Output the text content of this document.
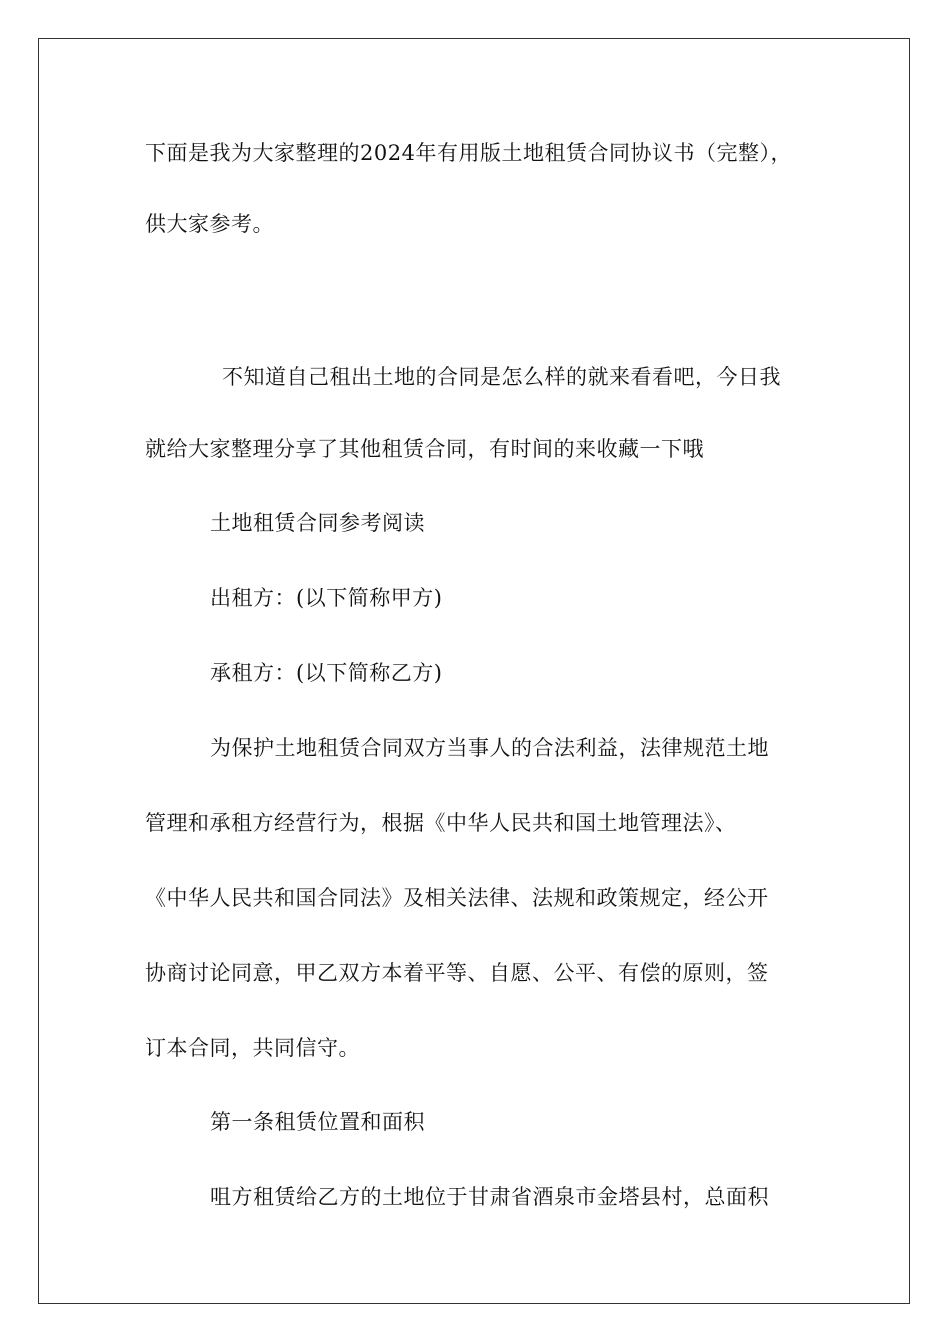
下面是我为大家整理的2024年有用版土地租赁合同协议书（完整），
供大家参考。
不知道自己租出土地的合同是怎么样的就来看看吧，今日我
就给大家整理分享了其他租赁合同，有时间的来收藏一下哦
土地租赁合同参考阅读
出租方：(以下简称甲方)
承租方：(以下简称乙方)
为保护土地租赁合同双方当事人的合法利益，法律规范土地
管理和承租方经营行为，根据《中华人民共和国土地管理法》、
《中华人民共和国合同法》及相关法律、法规和政策规定，经公开
协商讨论同意，甲乙双方本着平等、自愿、公平、有偿的原则，签
订本合同，共同信守。
第一条租赁位置和面积
咀方租赁给乙方的土地位于甘肃省酒泉市金塔县村，总面积
